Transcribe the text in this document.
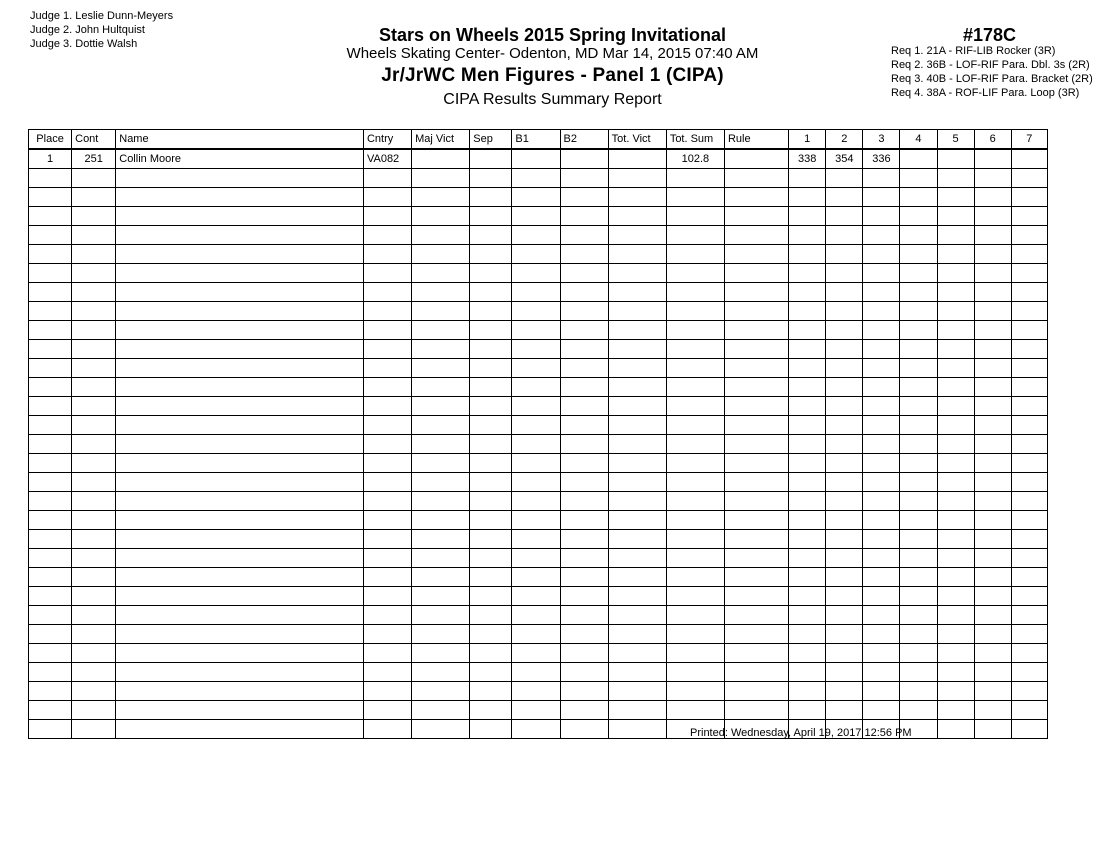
Judge 1. Leslie Dunn-Meyers
Judge 2. John Hultquist
Judge 3. Dottie Walsh	Stars on Wheels 2015 Spring Invitational
Wheels Skating Center- Odenton, MD Mar 14, 2015 07:40 AM
Jr/JrWC Men Figures - Panel 1 (CIPA)
CIPA Results Summary Report
#178C
Req 1. 21A - RIF-LIB Rocker (3R)
Req 2. 36B - LOF-RIF Para. Dbl. 3s (2R)
Req 3. 40B - LOF-RIF Para. Bracket (2R)
Req 4. 38A - ROF-LIF Para. Loop (3R)
Place	Cont	Name	Cntry	Maj Vict	Sep	B1	B2	Tot. Vict	Tot. Sum	Rule	1	2	3	4	5	6	7
1	251	Collin Moore	VA082						102.8		338	354	336				

Printed: Wednesday, April 19, 2017 12:56 PM
